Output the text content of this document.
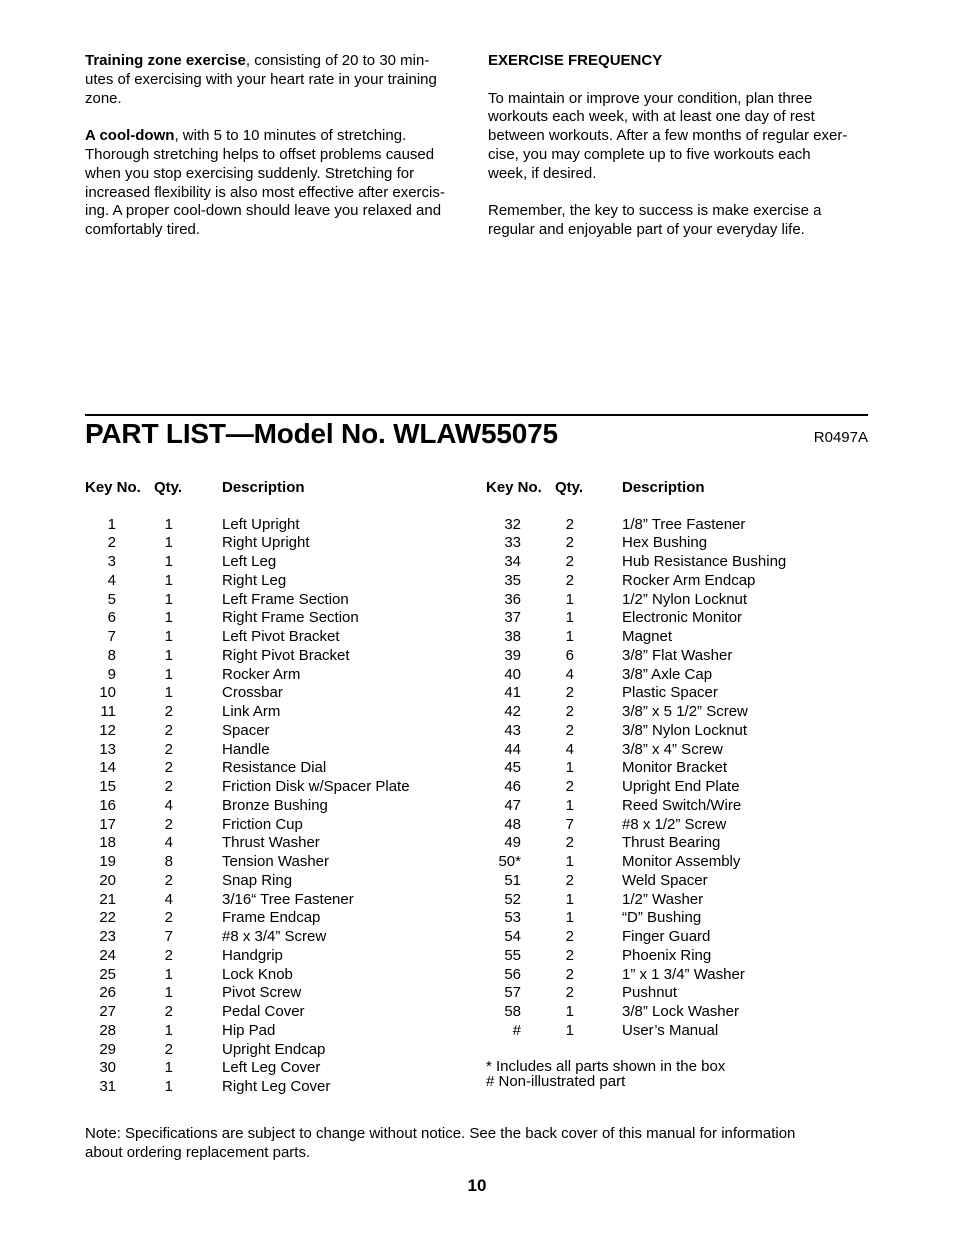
Training zone exercise, consisting of 20 to 30 min-
utes of exercising with your heart rate in your training
zone.
A cool-down, with 5 to 10 minutes of stretching.
Thorough stretching helps to offset problems caused
when you stop exercising suddenly. Stretching for
increased flexibility is also most effective after exercis-
ing. A proper cool-down should leave you relaxed and
comfortably tired.
EXERCISE FREQUENCY
To maintain or improve your condition, plan three
workouts each week, with at least one day of rest
between workouts. After a few months of regular exer-
cise, you may complete up to five workouts each
week, if desired.
Remember, the key to success is make exercise a
regular and enjoyable part of your everyday life.
PART LIST—Model No. WLAW55075	R0497A
Key No. Qty.	Description
1	1	Left Upright
2	1	Right Upright
3	1	Left Leg
4	1	Right Leg
5	1	Left Frame Section
6	1	Right Frame Section
7	1	Left Pivot Bracket
8	1	Right Pivot Bracket
9	1	Rocker Arm
10	1	Crossbar
11	2	Link Arm
12	2	Spacer
13	2	Handle
14	2	Resistance Dial
15	2	Friction Disk w/Spacer Plate
16	4	Bronze Bushing
17	2	Friction Cup
18	4	Thrust Washer
19	8	Tension Washer
20	2	Snap Ring
21	4	3/16“ Tree Fastener
22	2	Frame Endcap
23	7	#8 x 3/4” Screw
24	2	Handgrip
25	1	Lock Knob
26	1	Pivot Screw
27	2	Pedal Cover
28	1	Hip Pad
29	2	Upright Endcap
30	1	Left Leg Cover
31	1	Right Leg Cover
Key No. Qty.	Description
32	2	1/8” Tree Fastener
33	2	Hex Bushing
34	2	Hub Resistance Bushing
35	2	Rocker Arm Endcap
36	1	1/2” Nylon Locknut
37	1	Electronic Monitor
38	1	Magnet
39	6	3/8” Flat Washer
40	4	3/8” Axle Cap
41	2	Plastic Spacer
42	2	3/8” x 5 1/2” Screw
43	2	3/8” Nylon Locknut
44	4	3/8” x 4” Screw
45	1	Monitor Bracket
46	2	Upright End Plate
47	1	Reed Switch/Wire
48	7	#8 x 1/2” Screw
49	2	Thrust Bearing
50*	1	Monitor Assembly
51	2	Weld Spacer
52	1	1/2” Washer
53	1	“D” Bushing
54	2	Finger Guard
55	2	Phoenix Ring
56	2	1” x 1 3/4” Washer
57	2	Pushnut
58	1	3/8” Lock Washer
#	1	User’s Manual
* Includes all parts shown in the box
# Non-illustrated part
Note: Specifications are subject to change without notice. See the back cover of this manual for information
about ordering replacement parts.
10
